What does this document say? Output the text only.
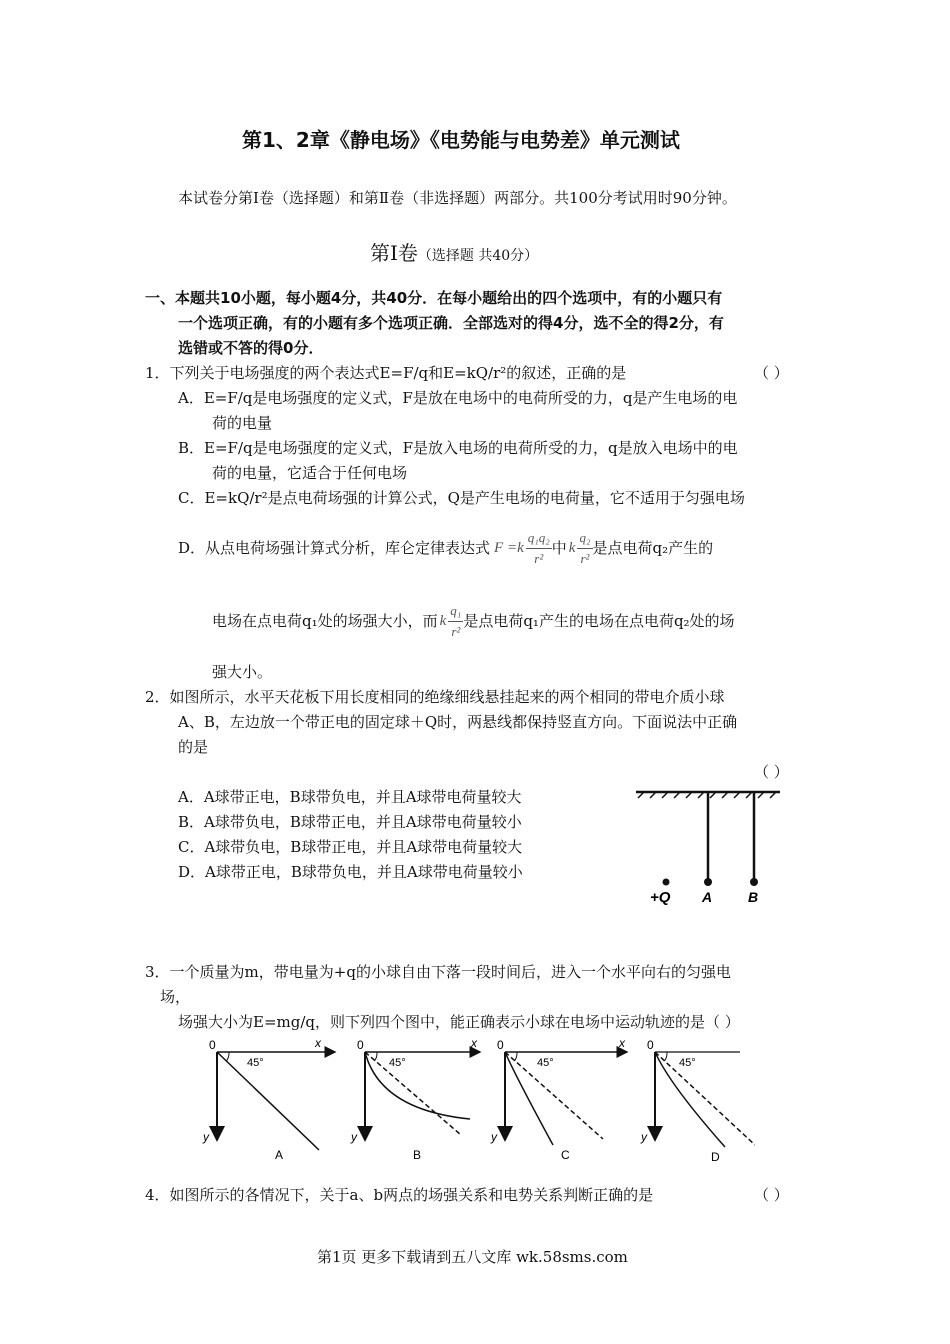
第1、2章《静电场》《电势能与电势差》单元测试
本试卷分第Ⅰ卷（选择题）和第Ⅱ卷（非选择题）两部分。共100分考试用时90分钟。
第Ⅰ卷（选择题 共40分）
一、本题共10小题，每小题4分，共40分．在每小题给出的四个选项中，有的小题只有
一个选项正确，有的小题有多个选项正确．全部选对的得4分，选不全的得2分，有
选错或不答的得0分．
1．下列关于电场强度的两个表达式E=F/q和E=kQ/r²的叙述，正确的是	（ ）
A．E=F/q是电场强度的定义式，F是放在电场中的电荷所受的力，q是产生电场的电
荷的电量
B．E=F/q是电场强度的定义式，F是放入电场的电荷所受的力，q是放入电场中的电
荷的电量，它适合于任何电场
C．E=kQ/r²是点电荷场强的计算公式，Q是产生电场的电荷量，它不适用于匀强电场
D．从点电荷场强计算式分析，库仑定律表达式 $F =k \frac{\text{q₁q₂}}{\text{r²}}$ 中 k $\frac{\text{q₂}}{\text{r²}}$ 是点电荷q₂产生的
电场在点电荷q₁处的场强大小，而 k $\frac{\text{q₁}}{\text{r²}}$ 是点电荷q₁产生的电场在点电荷q₂处的场
强大小。
2．如图所示，水平天花板下用长度相同的绝缘细线悬挂起来的两个相同的带电介质小球
A、B，左边放一个带正电的固定球＋Q时，两悬线都保持竖直方向。下面说法中正确
的是
（ ）
A．A球带正电，B球带负电，并且A球带电荷量较大
B．A球带负电，B球带正电，并且A球带电荷量较小
C．A球带负电，B球带正电，并且A球带电荷量较大
D．A球带正电，B球带负电，并且A球带电荷量较小
+Q A	B
3．一个质量为m，带电量为+q的小球自由下落一段时间后，进入一个水平向右的匀强电
场，
场强大小为E=mg/q，则下列四个图中，能正确表示小球在电场中运动轨迹的是（ ）
0	x
y
45°
A
0	x
y
45°
B
0	x
y
45°
C
0
y
45°
D
4．如图所示的各情况下，关于a、b两点的场强关系和电势关系判断正确的是	（ ）
第1页 更多下载请到五八文库 wk.58sms.com
